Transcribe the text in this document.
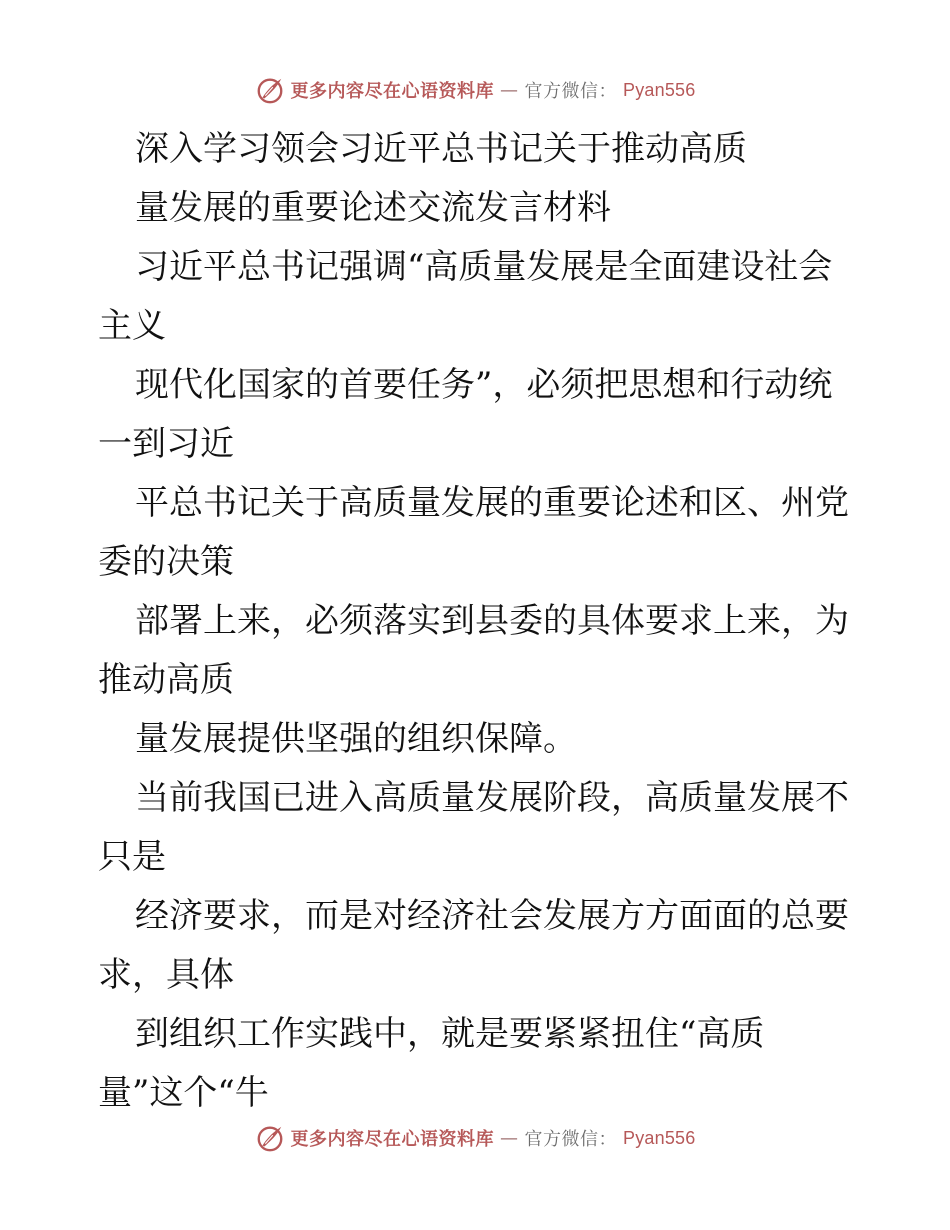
更多内容尽在心语资料库 — 官方微信： Pyan556
深入学习领会习近平总书记关于推动高质
量发展的重要论述交流发言材料
习近平总书记强调“高质量发展是全面建设社会
主义
现代化国家的首要任务”，必须把思想和行动统
一到习近
平总书记关于高质量发展的重要论述和区、州党
委的决策
部署上来，必须落实到县委的具体要求上来，为
推动高质
量发展提供坚强的组织保障。
当前我国已进入高质量发展阶段，高质量发展不
只是
经济要求，而是对经济社会发展方方面面的总要
求，具体
到组织工作实践中，就是要紧紧扭住“高质
量”这个“牛
更多内容尽在心语资料库 — 官方微信： Pyan556
